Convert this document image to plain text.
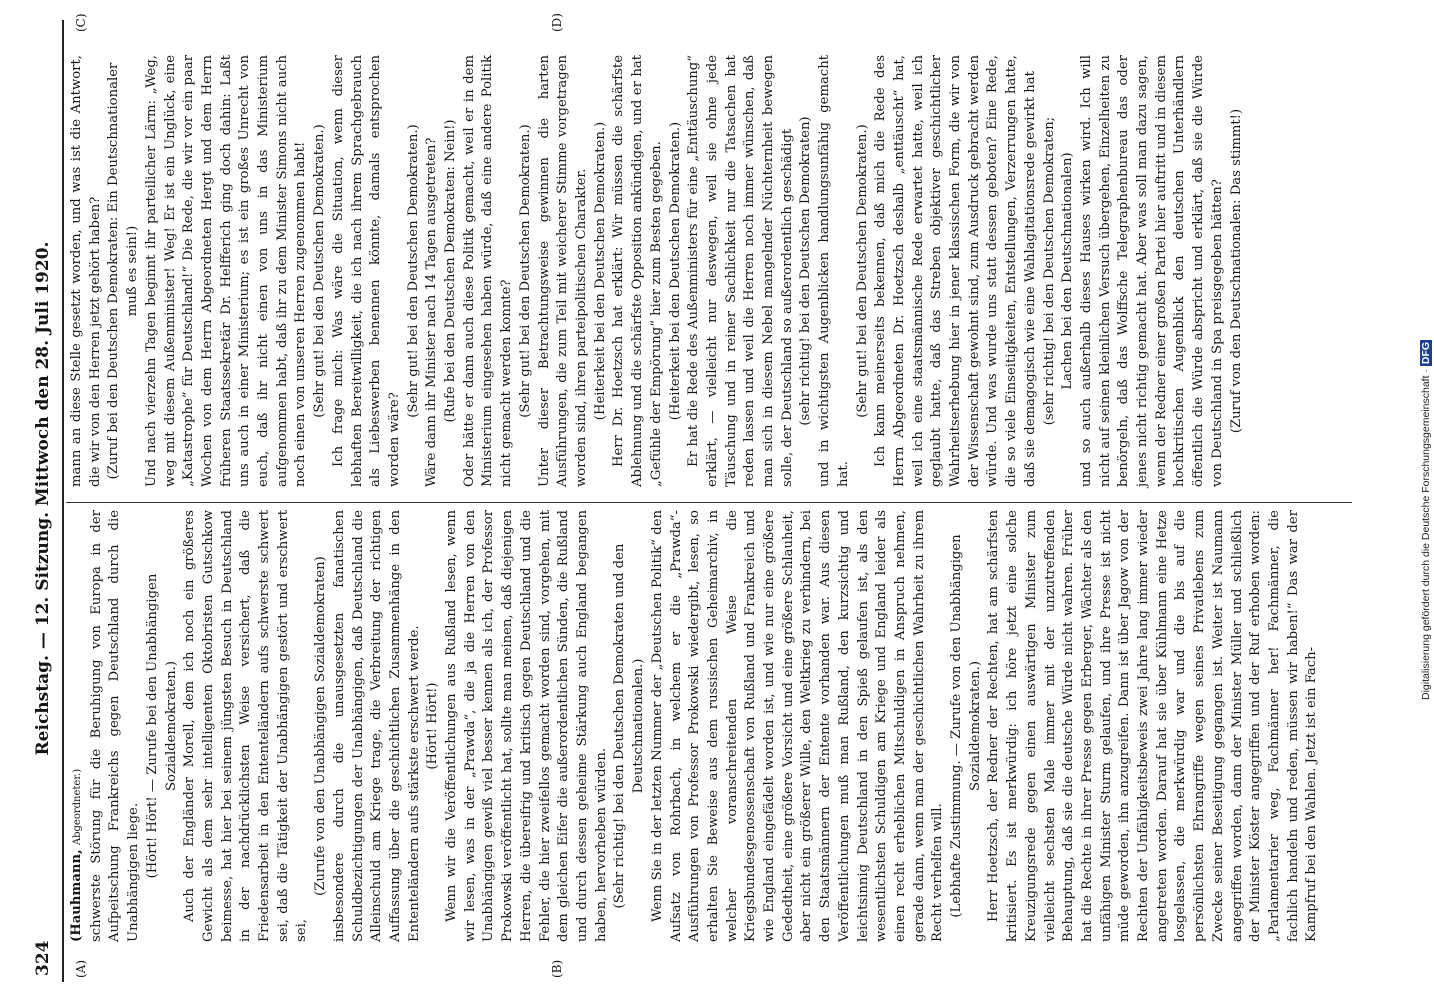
324
Reichstag. — 12. Sitzung. Mittwoch den 28. Juli 1920.
(A)	(B)
(C)	(D)

(Hauhmann, Abgeordneter.) schwerste Störung für die Beruhigung von Europa in der Aufpeitschung Frankreichs gegen Deutschland durch die Unabhängigen liege. (Hört! Hört! — Zurufe bei den Unabhängigen Sozialdemokraten.) Auch der Engländer Morell, dem ich noch ein größeres Gewicht als dem sehr intelligenten Oktobristen Gutschkow beimesse, hat hier bei seinem jüngsten Besuch in Deutschland in der nachdrücklichsten Weise versichert, daß die Friedensarbeit in den Ententeländern aufs schwerste schwert sei, daß die Tätigkeit der Unabhängigen gestört und erschwert sei,

(Zurufe von den Unabhängigen Sozialdemokraten) insbesondere durch die unausgesetzten fanatischen Schuldbezichtigungen der Unabhängigen, daß Deutschland die Alleinschuld am Kriege trage, die Verbreitung der richtigen Auffassung über die geschichtlichen Zusammenhänge in den Ententeländern aufs stärkste erschwert werde. (Hört! Hört!) Wenn wir die Veröffentlichungen aus Rußland lesen, wenn wir lesen, was in der „Prawda“, die ja die Herren von den Unabhängigen gewiß viel besser kennen als ich, der Professor Prokowski veröffentlicht hat, sollte man meinen, daß diejenigen Herren, die übereifrig und kritisch gegen Deutschland und die Fehler, die hier zweifellos gemacht worden sind, vorgehen, mit dem gleichen Eifer die außerordentlichen Sünden, die Rußland und durch dessen geheime Stärkung auch England begangen haben, hervorheben würden. (Sehr richtig! bei den Deutschen Demokraten und den Deutschnationalen.) Wenn Sie in der letzten Nummer der „Deutschen Politik“ den Aufsatz von Rohrbach, in welchem er die „Prawda“-Ausführungen von Professor Prokowski wiedergibt, lesen, so erhalten Sie Beweise aus dem russischen Geheimarchiv, in welcher voranschreitenden Weise die Kriegsbundesgenossenschaft von Rußland und Frankreich und wie England eingefädelt worden ist, und wie nur eine größere Gededtheit, eine größere Vorsicht und eine größere Schlauheit, aber nicht ein größerer Wille, den Weltkrieg zu verhindern, bei den Staatsmännern der Entente vorhanden war. Aus diesen Veröffentlichungen muß man Rußland, den kurzsichtig und leichtsinnig Deutschland in den Spieß gelaufen ist, als den wesentlichsten Schuldigen am Kriege und England leider als einen recht erheblichen Mitschuldigen in Anspruch nehmen, gerade dann, wenn man der geschichtlichen Wahrheit zu ihrem Recht verhelfen will. (Lebhafte Zustimmung. — Zurufe von den Unabhängigen Sozialdemokraten.) Herr Hoetzsch, der Redner der Rechten, hat am schärfsten kritisiert. Es ist merkwürdig: ich höre jetzt eine solche Kreuzigungsrede gegen einen auswärtigen Minister zum vielleicht sechsten Male immer mit der unzutreffenden Behauptung, daß sie die deutsche Würde nicht wahren. Früher hat die Rechte in ihrer Presse gegen Erberger, Wächter als den unfähigen Minister Sturm gelaufen, und ihre Presse ist nicht müde geworden, ihn anzugreifen. Dann ist über Jagow von der Rechten der Unfähigkeitsbeweis zwei Jahre lang immer wieder angetreten worden. Darauf hat sie über Kühlmann eine Hetze losgelassen, die merkwürdig war und die bis auf die persönlichsten Ehrangriffe wegen seines Privatlebens zum Zwecke seiner Beseitigung gegangen ist. Weiter ist Naumann angegriffen worden, dann der Minister Müller und schließlich der Minister Köster angegriffen und der Ruf erhoben worden: „Parlamentarier weg, Fachmänner her! Fachmänner, die fachlich handeln und reden, müssen wir haben!“ Das war der Kampfruf bei den Wahlen. Jetzt ist ein Fach-

mann an diese Stelle gesetzt worden, und was ist die Antwort, die wir von den Herren jetzt gehört haben? (Zuruf bei den Deutschen Demokraten: Ein Deutschnationaler muß es sein!) Und nach vierzehn Tagen beginnt ihr parteilicher Lärm: „Weg, weg mit diesem Außenminister! Weg! Er ist ein Unglück, eine „Katastrophe“ für Deutschland!“ Die Rede, die wir vor ein paar Wochen von dem Herrn Abgeordneten Hergt und dem Herrn früheren Staatssekretär Dr. Helfferich ging doch dahin: Laßt uns auch in einer Ministerium; es ist ein großes Unrecht von euch, daß ihr nicht einen von uns in das Ministerium aufgenommen habt, daß ihr zu dem Minister Simons nicht auch noch einen von unseren Herren zugenommen habt! (Sehr gut! bei den Deutschen Demokraten.) Ich frage mich: Was wäre die Situation, wenn dieser lebhaften Bereitwilligkeit, die ich nach ihrem Sprachgebrauch als Liebeswerben benennen könnte, damals entsprochen worden wäre?

(Sehr gut! bei den Deutschen Demokraten.) Wäre dann ihr Minister nach 14 Tagen ausgetreten? (Rufe bei den Deutschen Demokraten: Nein!) Oder hätte er dann auch diese Politik gemacht, weil er in dem Ministerium eingesehen haben würde, daß eine andere Politik nicht gemacht werden konnte? (Sehr gut! bei den Deutschen Demokraten.) Unter dieser Betrachtungsweise gewinnen die harten Ausführungen, die zum Teil mit weicherer Stimme vorgetragen worden sind, ihren parteipolitischen Charakter. (Heiterkeit bei den Deutschen Demokraten.) Herr Dr. Hoetzsch hat erklärt: Wir müssen die schärfste Ablehnung und die schärfste Opposition ankündigen, und er hat „Gefühle der Empörung“ hier zum Besten gegeben. (Heiterkeit bei den Deutschen Demokraten.) Er hat die Rede des Außenministers für eine „Enttäuschung“ erklärt, — vielleicht nur deswegen, weil sie ohne jede Täuschung und in reiner Sachlichkeit nur die Tatsachen hat reden lassen und weil die Herren noch immer wünschen, daß man sich in diesem Nebel mangelnder Nüchternheit bewegen solle, der Deutschland so außerordentlich geschädigt (sehr richtig! bei den Deutschen Demokraten) und in wichtigsten Augenblicken handlungsunfähig gemacht hat.

(Sehr gut! bei den Deutschen Demokraten.) Ich kann meinerseits bekennen, daß mich die Rede des Herrn Abgeordneten Dr. Hoetzsch deshalb „enttäuscht“ hat, weil ich eine staatsmännische Rede erwartet hatte, weil ich geglaubt hatte, daß das Streben objektiver geschichtlicher Wahrheitserhebung hier in jener klassischen Form, die wir von der Wissenschaft gewohnt sind, zum Ausdruck gebracht werden würde. Und was wurde uns statt dessen geboten? Eine Rede, die so viele Einseitigkeiten, Entstellungen, Verzerrungen hatte, daß sie demagogisch wie eine Wahlagitationsrede gewirkt hat (sehr richtig! bei den Deutschen Demokraten; Lachen bei den Deutschnationalen) und so auch außerhalb dieses Hauses wirken wird. Ich will nicht auf seinen kleinlichen Versuch übergehen, Einzelheiten zu benörgeln, daß das Wolffsche Telegraphenbureau das oder jenes nicht richtig gemacht hat. Aber was soll man dazu sagen, wenn der Redner einer großen Partei hier auftritt und in diesem hochkritischen Augenblick den deutschen Unterhändlern öffentlich die Würde abspricht und erklärt, daß sie die Würde von Deutschland in Spa preisgegeben hätten? (Zuruf von den Deutschnationalen: Das stimmt!)

Digitalisierung gefördert durch die Deutsche Forschungsgemeinschaft ·DFG
